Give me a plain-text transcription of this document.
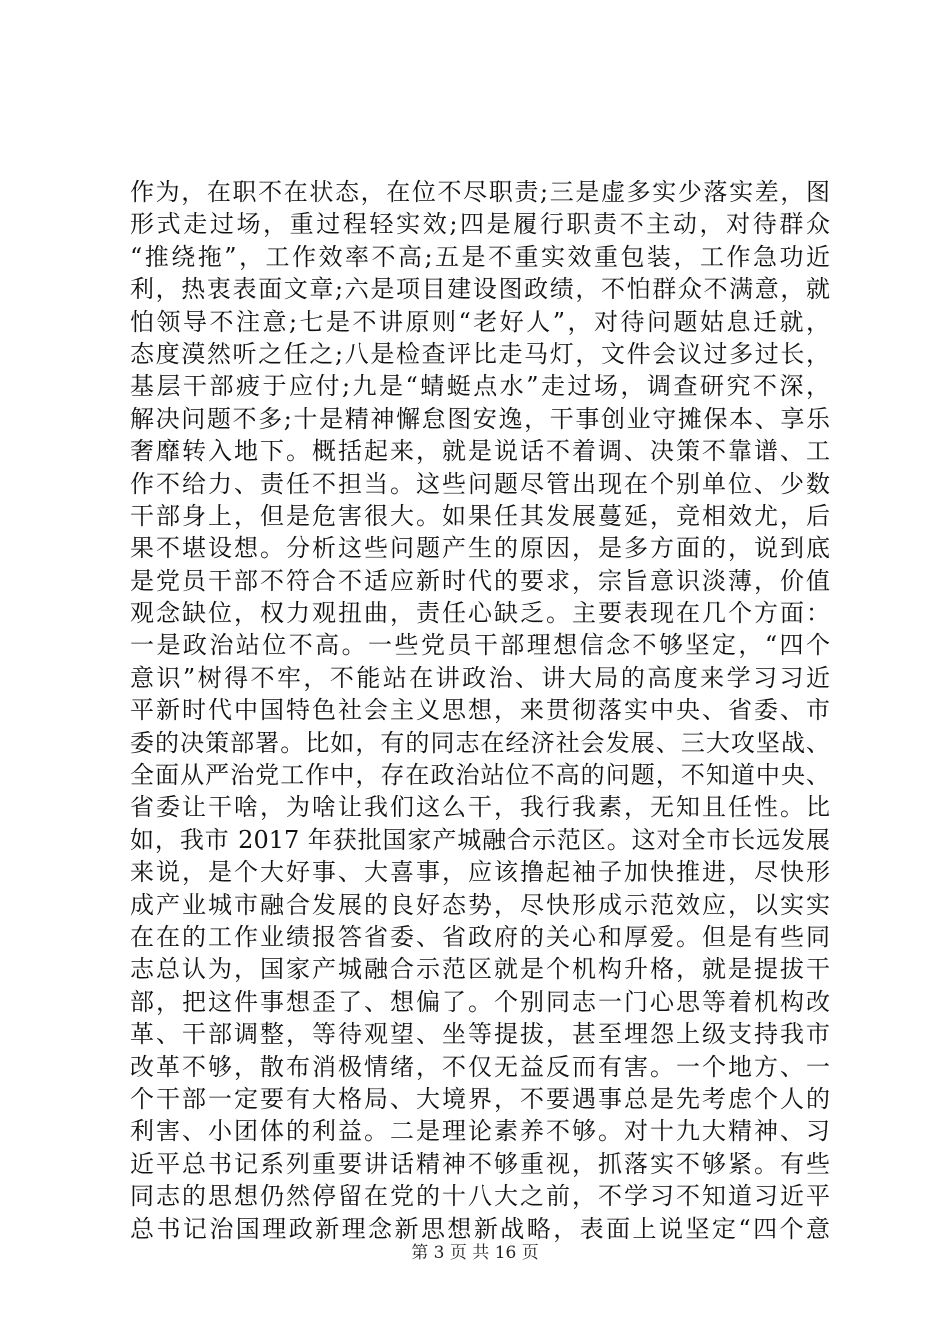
作为，在职不在状态，在位不尽职责;三是虚多实少落实差，图
形式走过场，重过程轻实效;四是履行职责不主动，对待群众
“推绕拖”，工作效率不高;五是不重实效重包装，工作急功近
利，热衷表面文章;六是项目建设图政绩，不怕群众不满意，就
怕领导不注意;七是不讲原则“老好人”，对待问题姑息迁就，
态度漠然听之任之;八是检查评比走马灯，文件会议过多过长，
基层干部疲于应付;九是“蜻蜓点水”走过场，调查研究不深，
解决问题不多;十是精神懈怠图安逸，干事创业守摊保本、享乐
奢靡转入地下。概括起来，就是说话不着调、决策不靠谱、工
作不给力、责任不担当。这些问题尽管出现在个别单位、少数
干部身上，但是危害很大。如果任其发展蔓延，竞相效尤，后
果不堪设想。分析这些问题产生的原因，是多方面的，说到底
是党员干部不符合不适应新时代的要求，宗旨意识淡薄，价值
观念缺位，权力观扭曲，责任心缺乏。主要表现在几个方面：
一是政治站位不高。一些党员干部理想信念不够坚定，“四个
意识”树得不牢，不能站在讲政治、讲大局的高度来学习习近
平新时代中国特色社会主义思想，来贯彻落实中央、省委、市
委的决策部署。比如，有的同志在经济社会发展、三大攻坚战、
全面从严治党工作中，存在政治站位不高的问题，不知道中央、
省委让干啥，为啥让我们这么干，我行我素，无知且任性。比
如，我市 2017 年获批国家产城融合示范区。这对全市长远发展
来说，是个大好事、大喜事，应该撸起袖子加快推进，尽快形
成产业城市融合发展的良好态势，尽快形成示范效应，以实实
在在的工作业绩报答省委、省政府的关心和厚爱。但是有些同
志总认为，国家产城融合示范区就是个机构升格，就是提拔干
部，把这件事想歪了、想偏了。个别同志一门心思等着机构改
革、干部调整，等待观望、坐等提拔，甚至埋怨上级支持我市
改革不够，散布消极情绪，不仅无益反而有害。一个地方、一
个干部一定要有大格局、大境界，不要遇事总是先考虑个人的
利害、小团体的利益。二是理论素养不够。对十九大精神、习
近平总书记系列重要讲话精神不够重视，抓落实不够紧。有些
同志的思想仍然停留在党的十八大之前，不学习不知道习近平
总书记治国理政新理念新思想新战略，表面上说坚定“四个意
第 3 页 共 16 页
